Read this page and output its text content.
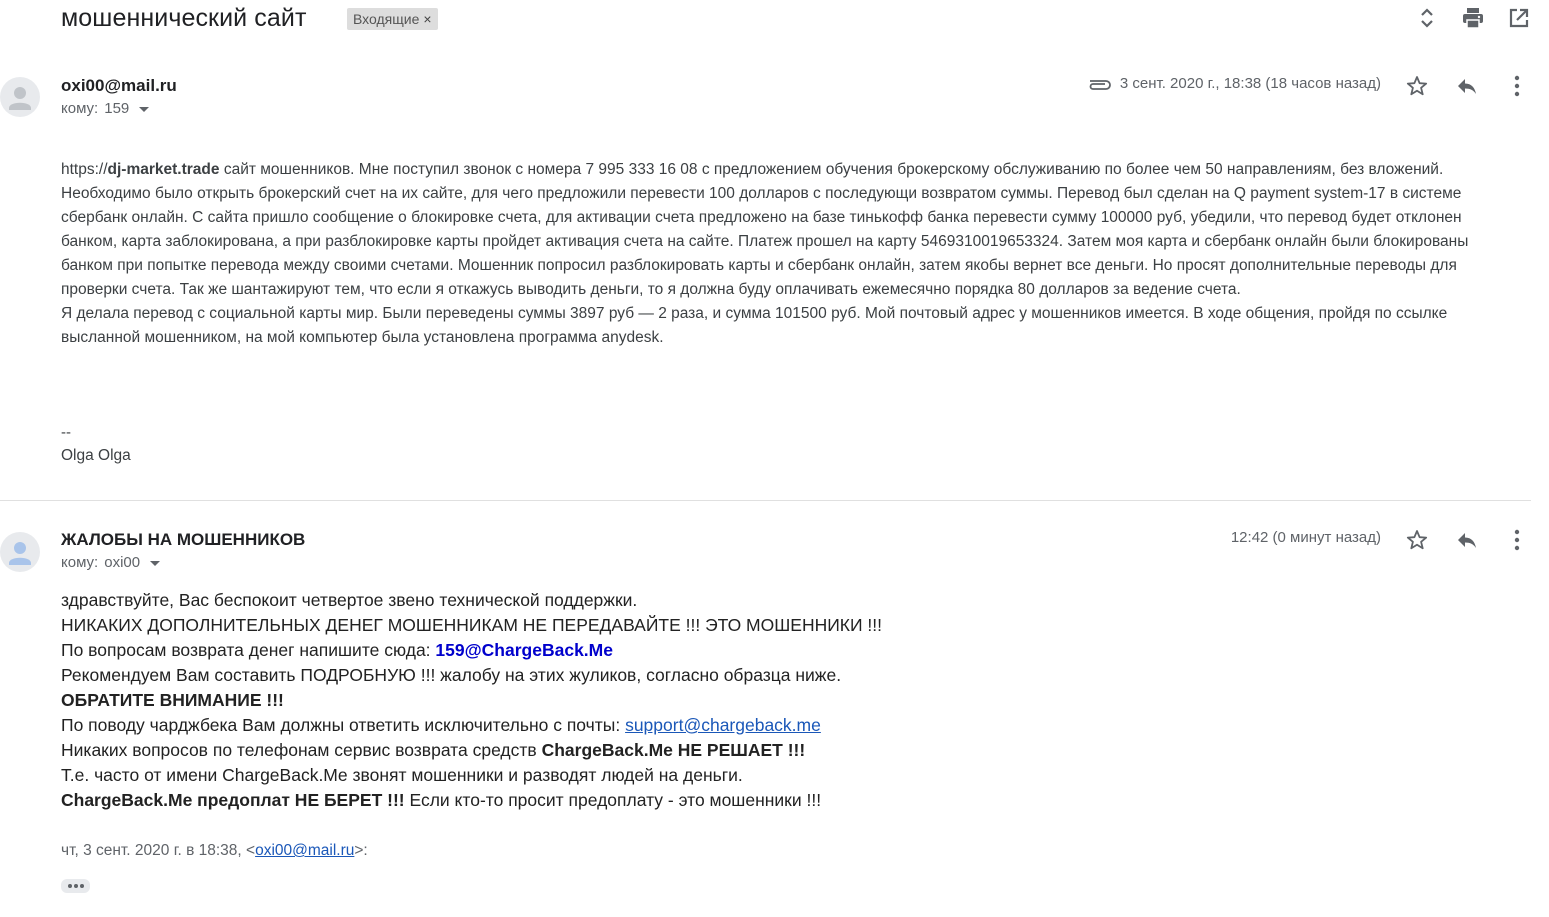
мошеннический сайт	Входящие ×
oxi00@mail.ru
кому: 159
3 сент. 2020 г., 18:38 (18 часов назад)

https://dj-market.trade сайт мошенников. Мне поступил звонок с номера 7 995 333 16 08 с предложением обучения брокерскому обслуживанию по более чем 50 направлениям, без вложений. Необходимо было открыть брокерский счет на их сайте, для чего предложили перевести 100 долларов с последующи возвратом суммы. Перевод был сделан на Q payment system-17 в системе сбербанк онлайн. С сайта пришло сообщение о блокировке счета, для активации счета предложено на базе тинькофф банка перевести сумму 100000 руб, убедили, что перевод будет отклонен банком, карта заблокирована, а при разблокировке карты пройдет активация счета на сайте. Платеж прошел на карту 5469310019653324. Затем моя карта и сбербанк онлайн были блокированы банком при попытке перевода между своими счетами. Мошенник попросил разблокировать карты и сбербанк онлайн, затем якобы вернет все деньги. Но просят дополнительные переводы для проверки счета. Так же шантажируют тем, что если я откажусь выводить деньги, то я должна буду оплачивать ежемесячно порядка 80 долларов за ведение счета.

Я делала перевод с социальной карты мир. Были переведены суммы 3897 руб — 2 раза, и сумма 101500 руб. Мой почтовый адрес у мошенников имеется. В ходе общения, пройдя по ссылке высланной мошенником, на мой компьютер была установлена программа anydesk.

--
Olga Olga
ЖАЛОБЫ НА МОШЕННИКОВ
кому: oxi00
12:42 (0 минут назад)
здравствуйте, Вас беспокоит четвертое звено технической поддержки.
НИКАКИХ ДОПОЛНИТЕЛЬНЫХ ДЕНЕГ МОШЕННИКАМ НЕ ПЕРЕДАВАЙТЕ !!! ЭТО МОШЕННИКИ !!!
По вопросам возврата денег напишите сюда: 159@ChargeBack.Me
Рекомендуем Вам составить ПОДРОБНУЮ !!! жалобу на этих жуликов, согласно образца ниже.
ОБРАТИТЕ ВНИМАНИЕ !!!
По поводу чарджбека Вам должны ответить исключительно с почты: support@chargeback.me
Никаких вопросов по телефонам сервис возврата средств ChargeBack.Me НЕ РЕШАЕТ !!!
Т.е. часто от имени ChargeBack.Me звонят мошенники и разводят людей на деньги.
ChargeBack.Me предоплат НЕ БЕРЕТ !!! Если кто-то просит предоплату - это мошенники !!!
чт, 3 сент. 2020 г. в 18:38, <oxi00@mail.ru>:
